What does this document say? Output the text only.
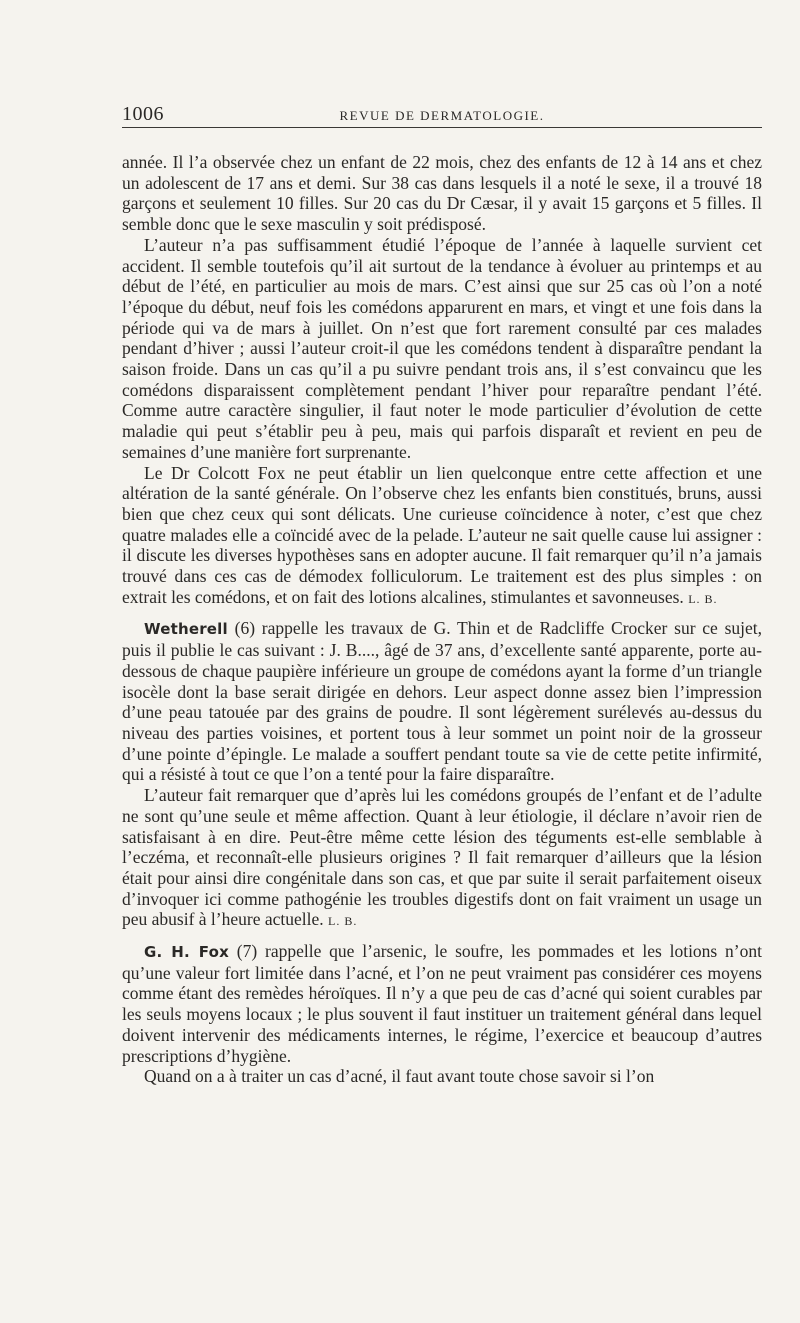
1006	REVUE DE DERMATOLOGIE.

année. Il l’a observée chez un enfant de 22 mois, chez des enfants de 12 à 14 ans et chez un adolescent de 17 ans et demi. Sur 38 cas dans lesquels il a noté le sexe, il a trouvé 18 garçons et seulement 10 filles. Sur 20 cas du Dr Cæsar, il y avait 15 garçons et 5 filles. Il semble donc que le sexe masculin y soit prédisposé.

L’auteur n’a pas suffisamment étudié l’époque de l’année à laquelle survient cet accident. Il semble toutefois qu’il ait surtout de la tendance à évoluer au printemps et au début de l’été, en particulier au mois de mars. C’est ainsi que sur 25 cas où l’on a noté l’époque du début, neuf fois les comédons apparurent en mars, et vingt et une fois dans la période qui va de mars à juillet. On n’est que fort rarement consulté par ces malades pendant d’hiver ; aussi l’auteur croit-il que les comédons tendent à disparaître pendant la saison froide. Dans un cas qu’il a pu suivre pendant trois ans, il s’est convaincu que les comédons disparaissent complètement pendant l’hiver pour reparaître pendant l’été. Comme autre caractère singulier, il faut noter le mode particulier d’évolution de cette maladie qui peut s’établir peu à peu, mais qui parfois disparaît et revient en peu de semaines d’une manière fort surprenante.

Le Dr Colcott Fox ne peut établir un lien quelconque entre cette affection et une altération de la santé générale. On l’observe chez les enfants bien constitués, bruns, aussi bien que chez ceux qui sont délicats. Une curieuse coïncidence à noter, c’est que chez quatre malades elle a coïncidé avec de la pelade. L’auteur ne sait quelle cause lui assigner : il discute les diverses hypothèses sans en adopter aucune. Il fait remarquer qu’il n’a jamais trouvé dans ces cas de démodex folliculorum. Le traitement est des plus simples : on extrait les comédons, et on fait des lotions alcalines, stimulantes et savonneuses. L. B.

Wetherell (6) rappelle les travaux de G. Thin et de Radcliffe Crocker sur ce sujet, puis il publie le cas suivant : J. B...., âgé de 37 ans, d’excellente santé apparente, porte au-dessous de chaque paupière inférieure un groupe de comédons ayant la forme d’un triangle isocèle dont la base serait dirigée en dehors. Leur aspect donne assez bien l’impression d’une peau tatouée par des grains de poudre. Il sont légèrement surélevés au-dessus du niveau des parties voisines, et portent tous à leur sommet un point noir de la grosseur d’une pointe d’épingle. Le malade a souffert pendant toute sa vie de cette petite infirmité, qui a résisté à tout ce que l’on a tenté pour la faire disparaître.

L’auteur fait remarquer que d’après lui les comédons groupés de l’enfant et de l’adulte ne sont qu’une seule et même affection. Quant à leur étiologie, il déclare n’avoir rien de satisfaisant à en dire. Peut-être même cette lésion des téguments est-elle semblable à l’eczéma, et reconnaît-elle plusieurs origines ? Il fait remarquer d’ailleurs que la lésion était pour ainsi dire congénitale dans son cas, et que par suite il serait parfaitement oiseux d’invoquer ici comme pathogénie les troubles digestifs dont on fait vraiment un usage un peu abusif à l’heure actuelle. L. B.

G. H. Fox (7) rappelle que l’arsenic, le soufre, les pommades et les lotions n’ont qu’une valeur fort limitée dans l’acné, et l’on ne peut vraiment pas considérer ces moyens comme étant des remèdes héroïques. Il n’y a que peu de cas d’acné qui soient curables par les seuls moyens locaux ; le plus souvent il faut instituer un traitement général dans lequel doivent intervenir des médicaments internes, le régime, l’exercice et beaucoup d’autres prescriptions d’hygiène.

Quand on a à traiter un cas d’acné, il faut avant toute chose savoir si l’on
